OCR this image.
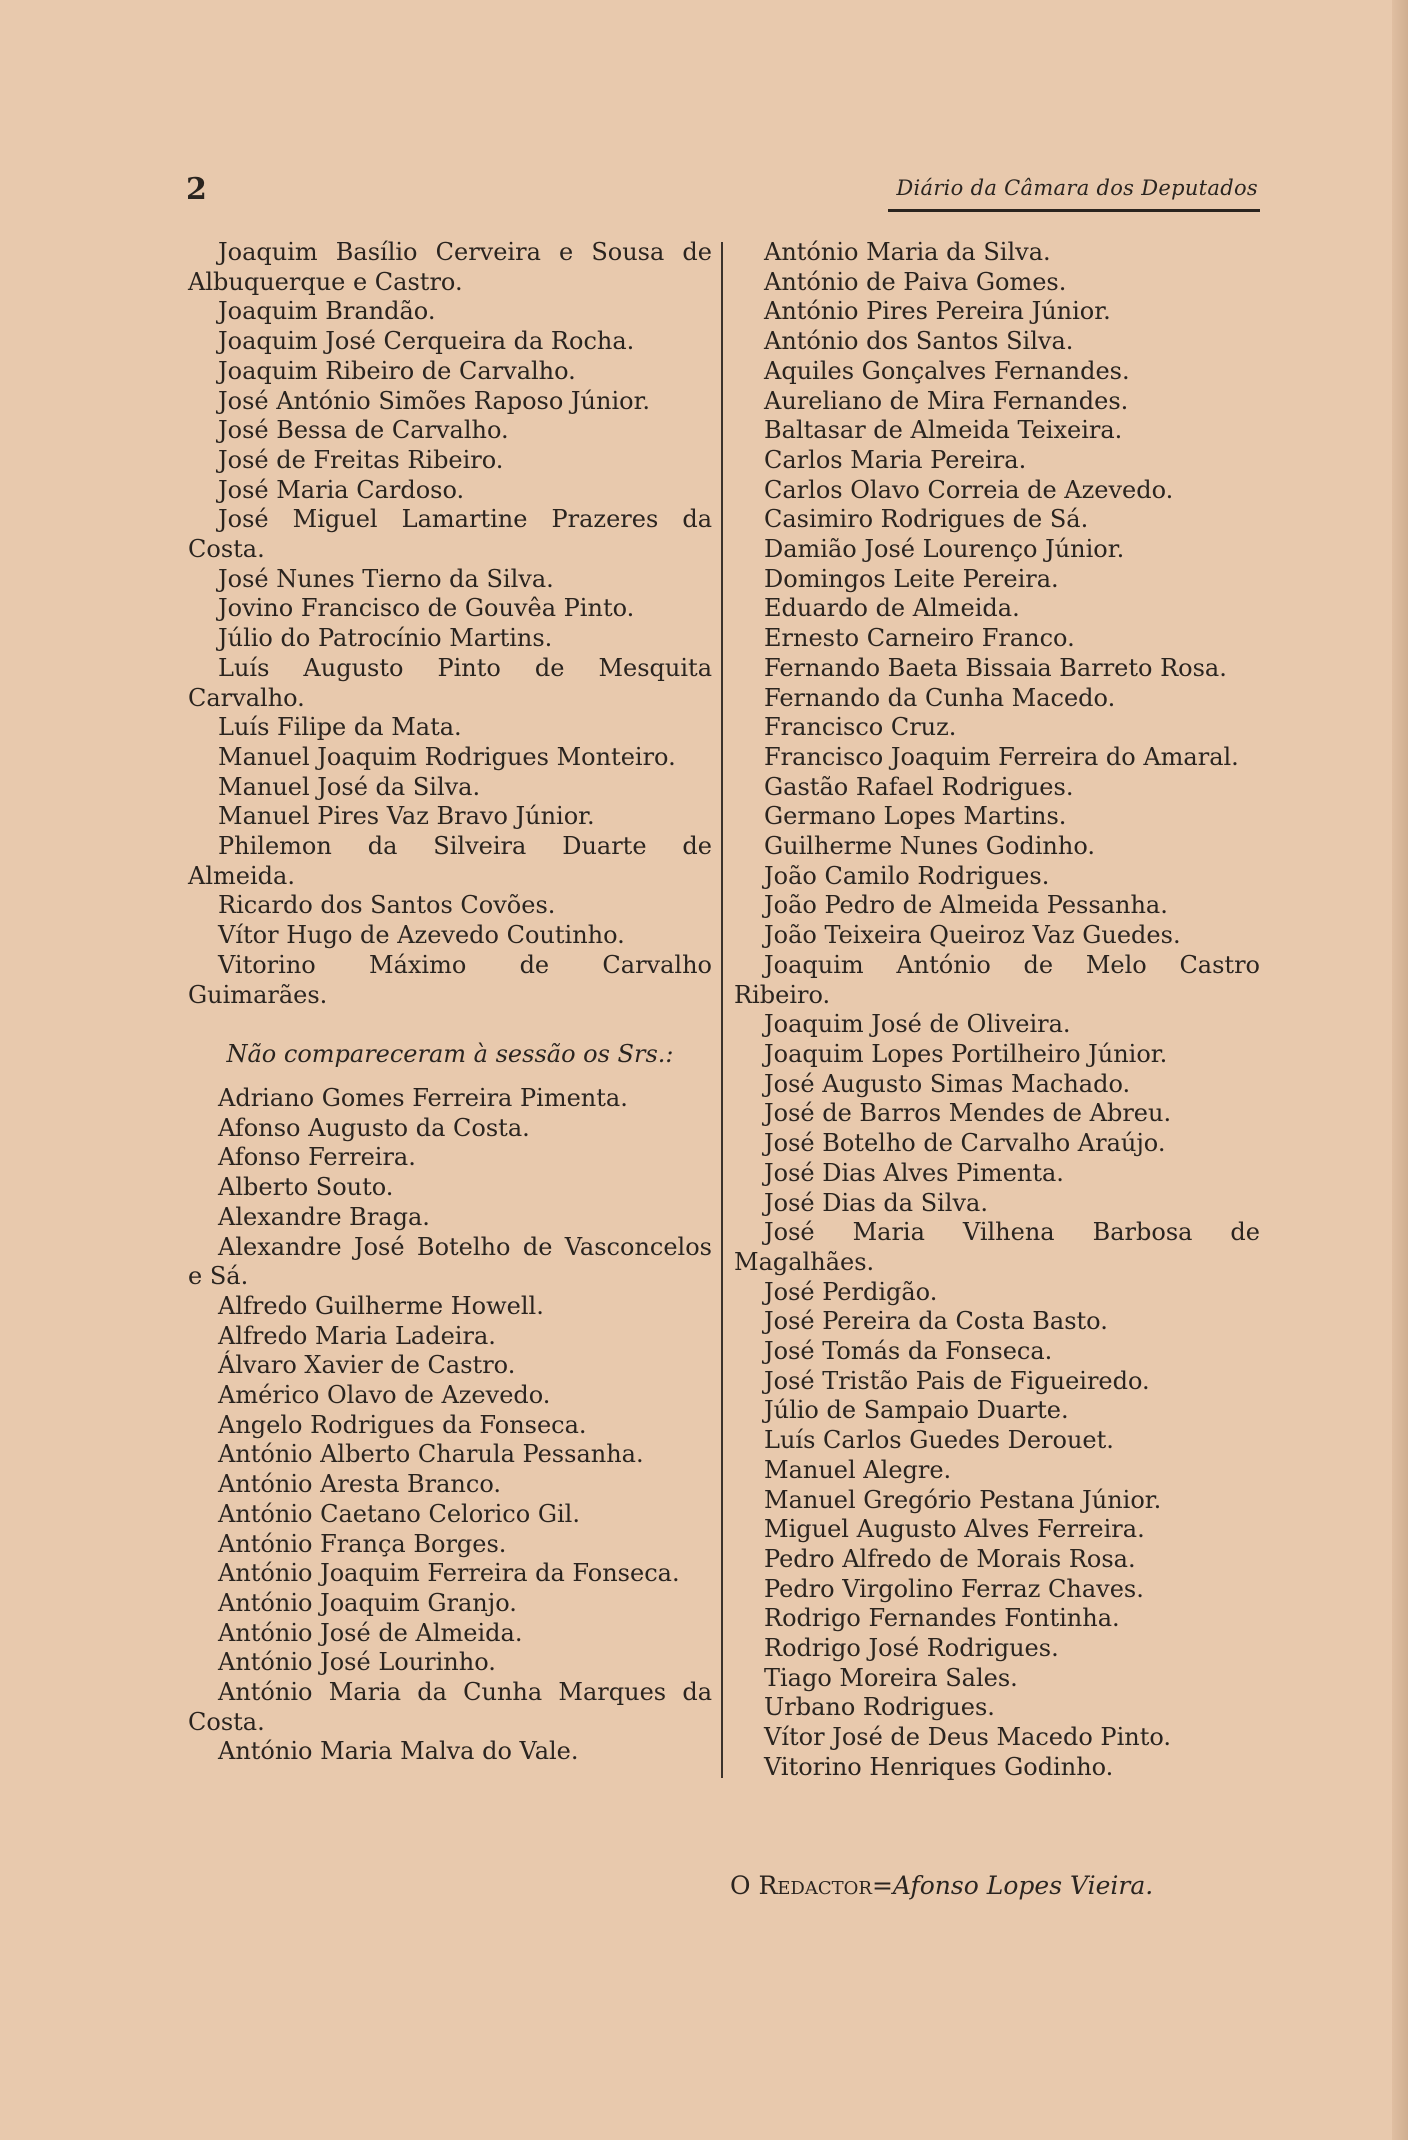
2	Diário da Câmara dos Deputados
Joaquim Basílio Cerveira e Sousa de Albuquerque e Castro.
Joaquim Brandão.
Joaquim José Cerqueira da Rocha.
Joaquim Ribeiro de Carvalho.
José António Simões Raposo Júnior.
José Bessa de Carvalho.
José de Freitas Ribeiro.
José Maria Cardoso.
José Miguel Lamartine Prazeres da Costa.
José Nunes Tierno da Silva.
Jovino Francisco de Gouvêa Pinto.
Júlio do Patrocínio Martins.
Luís Augusto Pinto de Mesquita Carvalho.
Luís Filipe da Mata.
Manuel Joaquim Rodrigues Monteiro.
Manuel José da Silva.
Manuel Pires Vaz Bravo Júnior.
Philemon da Silveira Duarte de Almeida.
Ricardo dos Santos Covões.
Vítor Hugo de Azevedo Coutinho.
Vitorino Máximo de Carvalho Guimarães.
Não compareceram à sessão os Srs.:
Adriano Gomes Ferreira Pimenta.
Afonso Augusto da Costa.
Afonso Ferreira.
Alberto Souto.
Alexandre Braga.
Alexandre José Botelho de Vasconcelos e Sá.
Alfredo Guilherme Howell.
Alfredo Maria Ladeira.
Álvaro Xavier de Castro.
Américo Olavo de Azevedo.
Angelo Rodrigues da Fonseca.
António Alberto Charula Pessanha.
António Aresta Branco.
António Caetano Celorico Gil.
António França Borges.
António Joaquim Ferreira da Fonseca.
António Joaquim Granjo.
António José de Almeida.
António José Lourinho.
António Maria da Cunha Marques da Costa.
António Maria Malva do Vale.
António Maria da Silva.
António de Paiva Gomes.
António Pires Pereira Júnior.
António dos Santos Silva.
Aquiles Gonçalves Fernandes.
Aureliano de Mira Fernandes.
Baltasar de Almeida Teixeira.
Carlos Maria Pereira.
Carlos Olavo Correia de Azevedo.
Casimiro Rodrigues de Sá.
Damião José Lourenço Júnior.
Domingos Leite Pereira.
Eduardo de Almeida.
Ernesto Carneiro Franco.
Fernando Baeta Bissaia Barreto Rosa.
Fernando da Cunha Macedo.
Francisco Cruz.
Francisco Joaquim Ferreira do Amaral.
Gastão Rafael Rodrigues.
Germano Lopes Martins.
Guilherme Nunes Godinho.
João Camilo Rodrigues.
João Pedro de Almeida Pessanha.
João Teixeira Queiroz Vaz Guedes.
Joaquim António de Melo Castro Ribeiro.
Joaquim José de Oliveira.
Joaquim Lopes Portilheiro Júnior.
José Augusto Simas Machado.
José de Barros Mendes de Abreu.
José Botelho de Carvalho Araújo.
José Dias Alves Pimenta.
José Dias da Silva.
José Maria Vilhena Barbosa de Magalhães.
José Perdigão.
José Pereira da Costa Basto.
José Tomás da Fonseca.
José Tristão Pais de Figueiredo.
Júlio de Sampaio Duarte.
Luís Carlos Guedes Derouet.
Manuel Alegre.
Manuel Gregório Pestana Júnior.
Miguel Augusto Alves Ferreira.
Pedro Alfredo de Morais Rosa.
Pedro Virgolino Ferraz Chaves.
Rodrigo Fernandes Fontinha.
Rodrigo José Rodrigues.
Tiago Moreira Sales.
Urbano Rodrigues.
Vítor José de Deus Macedo Pinto.
Vitorino Henriques Godinho.
O Redactor=Afonso Lopes Vieira.
